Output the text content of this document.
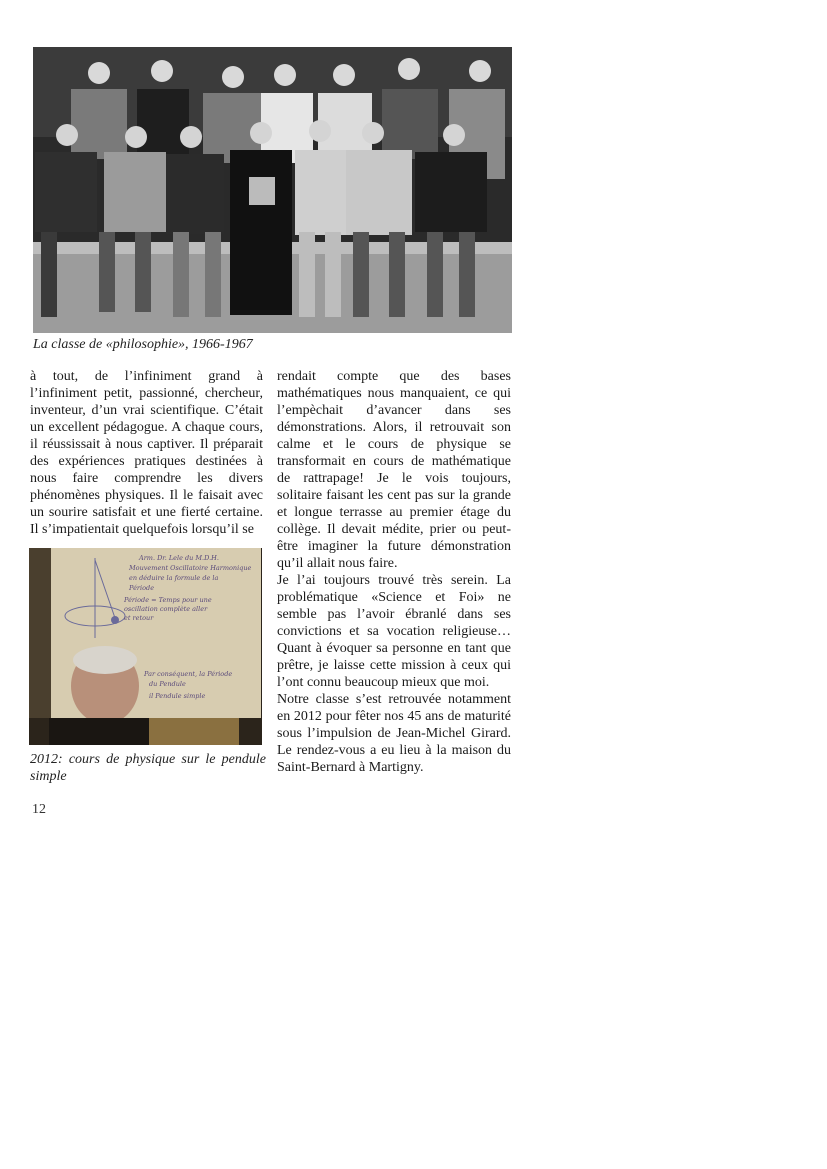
La classe de «philosophie», 1966-1967

à tout, de l’infiniment grand à l’infiniment petit, passionné, chercheur, inventeur, d’un vrai scientifique. C’était un excellent pédagogue. A chaque cours, il réussissait à nous captiver. Il préparait des expériences pratiques destinées à nous faire comprendre les divers phénomènes physiques. Il le faisait avec un sourire satisfait et une fierté certaine. Il s’impatientait quelquefois lorsqu’il se

Arm. Dr. Lele du M.D.H.
Mouvement Oscillatoire Harmonique
en déduire la formule de la
Période
Période = Temps pour une
oscillation complète aller
et retour
Par conséquent, la Période
du Pendule
il Pendule simple
2012: cours de physique sur le pendule simple

rendait compte que des bases mathématiques nous manquaient, ce qui l’empèchait d’avancer dans ses démonstrations. Alors, il retrouvait son calme et le cours de physique se transformait en cours de mathématique de rattrapage! Je le vois toujours, solitaire faisant les cent pas sur la grande et longue terrasse au premier étage du collège. Il devait médite, prier ou peut-être imaginer la future démonstration qu’il allait nous faire.

Je l’ai toujours trouvé très serein. La problématique «Science et Foi» ne semble pas l’avoir ébranlé dans ses convictions et sa vocation religieuse… Quant à évoquer sa personne en tant que prêtre, je laisse cette mission à ceux qui l’ont connu beaucoup mieux que moi.

Notre classe s’est retrouvée notamment en 2012 pour fêter nos 45 ans de maturité sous l’impulsion de Jean-Michel Girard. Le rendez-vous a eu lieu à la maison du Saint-Bernard à Martigny.

12
